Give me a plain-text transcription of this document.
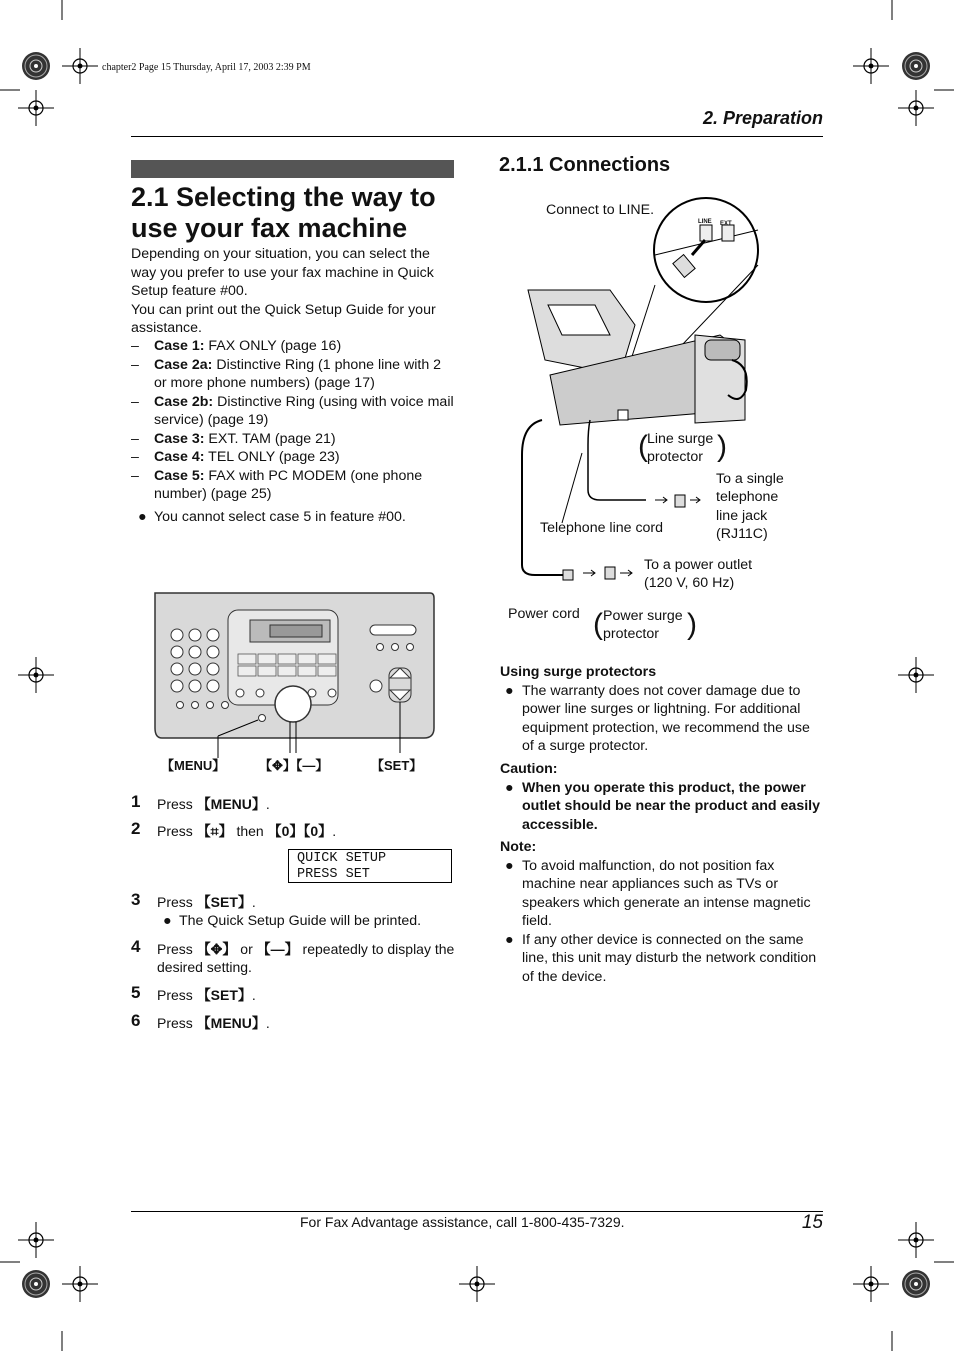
chapter2 Page 15 Thursday, April 17, 2003 2:39 PM
2. Preparation
2.1 Selecting the way to
use your fax machine
Depending on your situation, you can select the
way you prefer to use your fax machine in Quick
Setup feature #00.
You can print out the Quick Setup Guide for your
assistance.
– Case 1: FAX ONLY (page 16)
– Case 2a: Distinctive Ring (1 phone line with 2 or more phone numbers) (page 17)
– Case 2b: Distinctive Ring (using with voice mail service) (page 19)
– Case 3: EXT. TAM (page 21)
– Case 4: TEL ONLY (page 23)
– Case 5: FAX with PC MODEM (one phone number) (page 25)
● You cannot select case 5 in feature #00.
【MENU】	【✥】【—】	【SET】
1 Press 【MENU】.
2 Press 【⌗】 then 【0】【0】.
QUICK SETUP
PRESS SET
3 Press 【SET】.
● The Quick Setup Guide will be printed.
4 Press 【✥】 or 【—】 repeatedly to display the
desired setting.
5 Press 【SET】.
6 Press 【MENU】.
2.1.1 Connections
Connect to LINE.
LINE EXT
( Line surge
protector )
To a single
telephone
line jack
(RJ11C)
Telephone line cord
To a power outlet
(120 V, 60 Hz)
Power cord ( Power surge
protector )
Using surge protectors
● The warranty does not cover damage due to power line surges or lightning. For additional equipment protection, we recommend the use of a surge protector.
Caution:
● When you operate this product, the power outlet should be near the product and easily accessible.
Note:
● To avoid malfunction, do not position fax machine near appliances such as TVs or speakers which generate an intense magnetic field.
● If any other device is connected on the same line, this unit may disturb the network condition of the device.
For Fax Advantage assistance, call 1-800-435-7329.	15
